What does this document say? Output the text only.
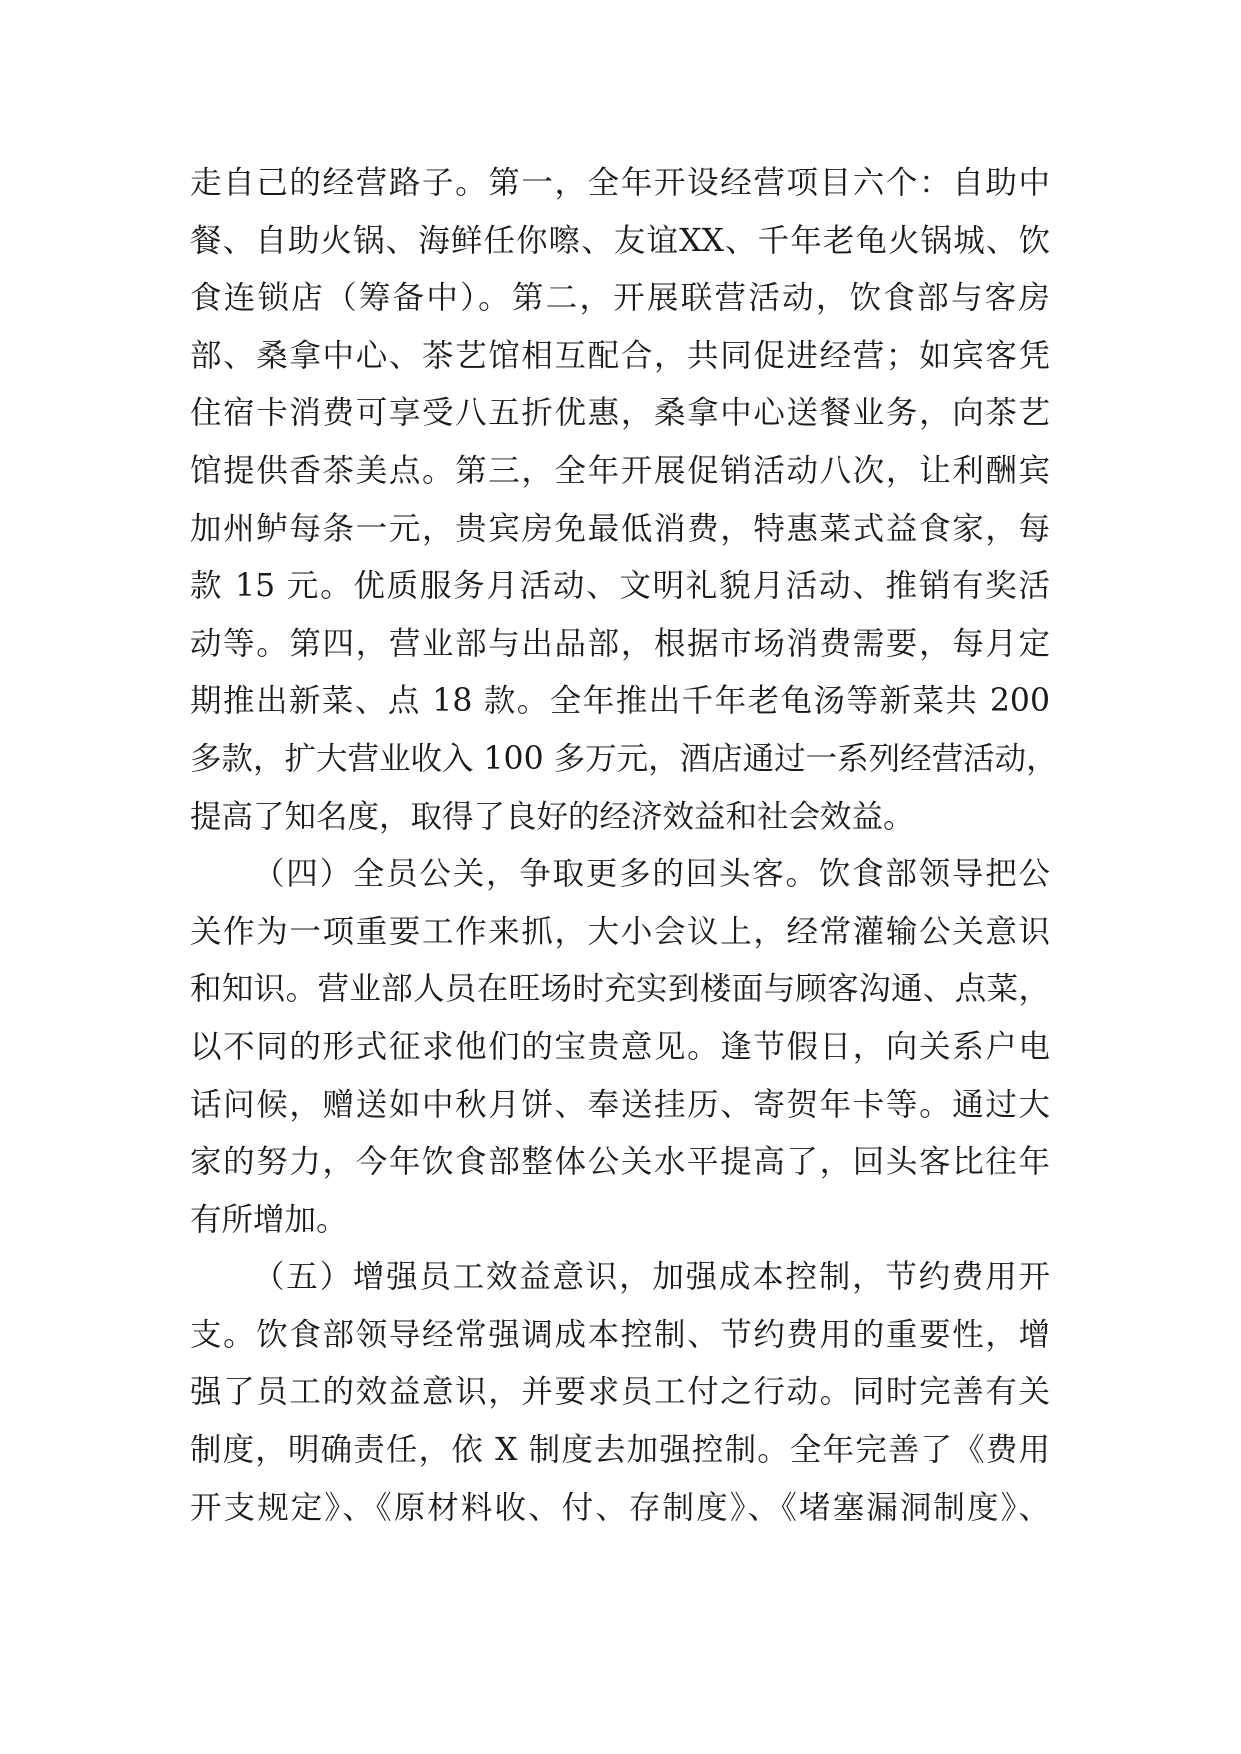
走自己的经营路子。第一，全年开设经营项目六个：自助中
餐、自助火锅、海鲜任你嚓、友谊XX、千年老龟火锅城、饮
食连锁店（筹备中）。第二，开展联营活动，饮食部与客房
部、桑拿中心、茶艺馆相互配合，共同促进经营；如宾客凭
住宿卡消费可享受八五折优惠，桑拿中心送餐业务，向茶艺
馆提供香茶美点。第三，全年开展促销活动八次，让利酬宾
加州鲈每条一元，贵宾房免最低消费，特惠菜式益食家，每
款 15 元。优质服务月活动、文明礼貌月活动、推销有奖活
动等。第四，营业部与出品部，根据市场消费需要，每月定
期推出新菜、点 18 款。全年推出千年老龟汤等新菜共 200
多款，扩大营业收入 100 多万元，酒店通过一系列经营活动，
提高了知名度，取得了良好的经济效益和社会效益。

（四）全员公关，争取更多的回头客。饮食部领导把公
关作为一项重要工作来抓，大小会议上，经常灌输公关意识
和知识。营业部人员在旺场时充实到楼面与顾客沟通、点菜，
以不同的形式征求他们的宝贵意见。逢节假日，向关系户电
话问候，赠送如中秋月饼、奉送挂历、寄贺年卡等。通过大
家的努力，今年饮食部整体公关水平提高了，回头客比往年
有所增加。

（五）增强员工效益意识，加强成本控制，节约费用开
支。饮食部领导经常强调成本控制、节约费用的重要性，增
强了员工的效益意识，并要求员工付之行动。同时完善有关
制度，明确责任，依 X 制度去加强控制。全年完善了《费用
开支规定》、《原材料收、付、存制度》、《堵塞漏洞制度》、
